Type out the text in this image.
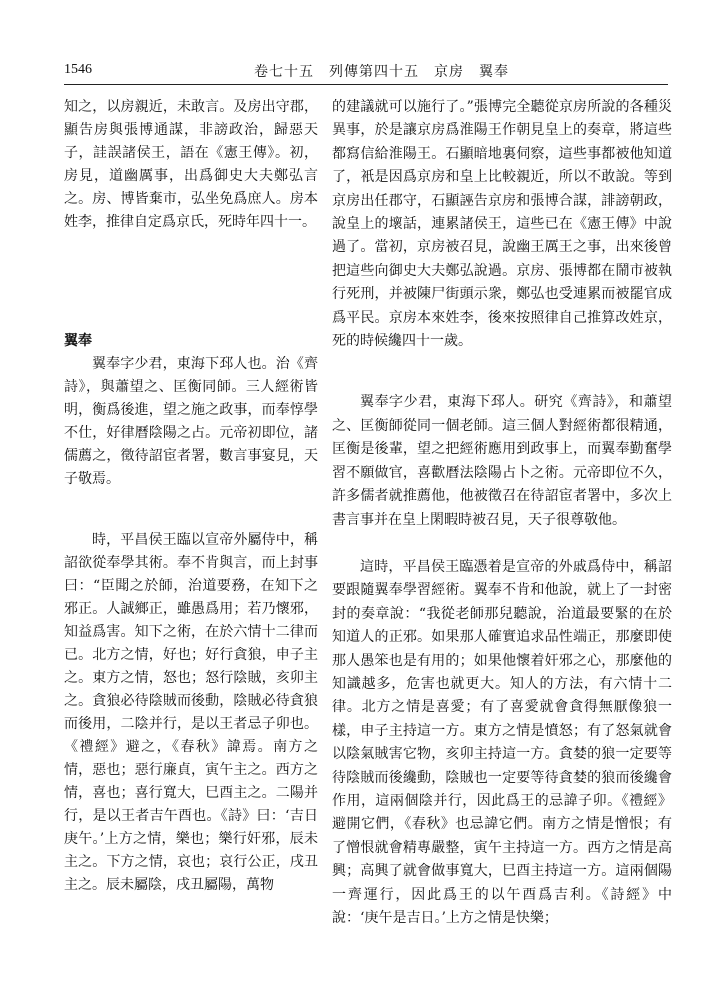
1546	卷七十五　列傳第四十五　京房　翼奉

知之，以房親近，未敢言。及房出守郡，顯告房與張博通謀，非謗政治，歸惡天子，詿誤諸侯王，語在《憲王傳》。初，房見，道幽厲事，出爲御史大夫鄭弘言之。房、博皆棄市，弘坐免爲庶人。房本姓李，推律自定爲京氏，死時年四十一。

翼奉

翼奉字少君，東海下邳人也。治《齊詩》，與蕭望之、匡衡同師。三人經術皆明，衡爲後進，望之施之政事，而奉惇學不仕，好律曆陰陽之占。元帝初即位，諸儒薦之，徵待詔宦者署，數言事宴見，天子敬焉。

時，平昌侯王臨以宣帝外屬侍中，稱詔欲從奉學其術。奉不肯與言，而上封事曰：“臣聞之於師，治道要務，在知下之邪正。人誠鄉正，雖愚爲用；若乃懷邪，知益爲害。知下之術，在於六情十二律而已。北方之情，好也；好行貪狼，申子主之。東方之情，怒也；怒行陰賊，亥卯主之。貪狼必待陰賊而後動，陰賊必待貪狼而後用，二陰并行，是以王者忌子卯也。《禮經》避之，《春秋》諱焉。南方之情，惡也；惡行廉貞，寅午主之。西方之情，喜也；喜行寬大，巳酉主之。二陽并行，是以王者吉午酉也。《詩》曰：‘吉日庚午。’上方之情，樂也；樂行奸邪，辰未主之。下方之情，哀也；哀行公正，戌丑主之。辰未屬陰，戌丑屬陽，萬物

的建議就可以施行了。”張博完全聽從京房所說的各種災異事，於是讓京房爲淮陽王作朝見皇上的奏章，將這些都寫信給淮陽王。石顯暗地裏伺察，這些事都被他知道了，衹是因爲京房和皇上比較親近，所以不敢說。等到京房出任郡守，石顯誣告京房和張博合謀，誹謗朝政，說皇上的壞話，連累諸侯王，這些已在《憲王傳》中說過了。當初，京房被召見，說幽王厲王之事，出來後曾把這些向御史大夫鄭弘說過。京房、張博都在鬧市被執行死刑，并被陳尸街頭示衆，鄭弘也受連累而被罷官成爲平民。京房本來姓李，後來按照律自己推算改姓京，死的時候纔四十一歲。

翼奉字少君，東海下邳人。研究《齊詩》，和蕭望之、匡衡師從同一個老師。這三個人對經術都很精通，匡衡是後輩，望之把經術應用到政事上，而翼奉勤奮學習不願做官，喜歡曆法陰陽占卜之術。元帝即位不久，許多儒者就推薦他，他被徵召在待詔宦者署中，多次上書言事并在皇上閑暇時被召見，天子很尊敬他。

這時，平昌侯王臨憑着是宣帝的外戚爲侍中，稱詔要跟隨翼奉學習經術。翼奉不肯和他說，就上了一封密封的奏章說：“我從老師那兒聽說，治道最要緊的在於知道人的正邪。如果那人確實追求品性端正，那麼即使那人愚笨也是有用的；如果他懷着奸邪之心，那麼他的知識越多，危害也就更大。知人的方法，有六情十二律。北方之情是喜愛；有了喜愛就會貪得無厭像狼一樣，申子主持這一方。東方之情是憤怒；有了怒氣就會以陰氣賊害它物，亥卯主持這一方。貪婪的狼一定要等待陰賊而後纔動，陰賊也一定要等待貪婪的狼而後纔會作用，這兩個陰并行，因此爲王的忌諱子卯。《禮經》避開它們，《春秋》也忌諱它們。南方之情是憎恨；有了憎恨就會精專嚴整，寅午主持這一方。西方之情是高興；高興了就會做事寬大，巳酉主持這一方。這兩個陽一齊運行，因此爲王的以午酉爲吉利。《詩經》中說：‘庚午是吉日。’上方之情是快樂；
